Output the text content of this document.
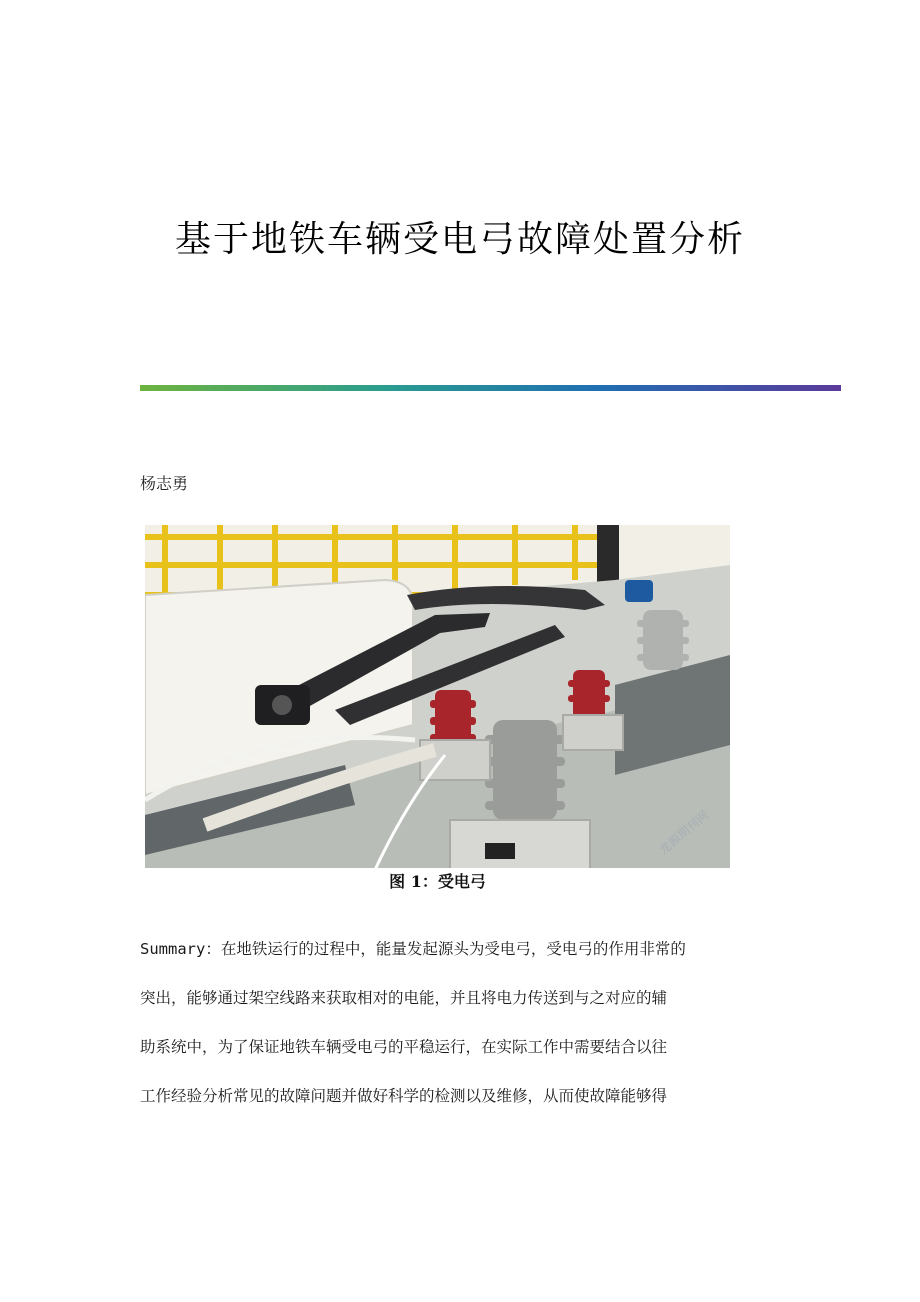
基于地铁车辆受电弓故障处置分析
杨志勇
图 1：受电弓
龙源期刊网
Summary：在地铁运行的过程中，能量发起源头为受电弓，受电弓的作用非常的
突出，能够通过架空线路来获取相对的电能，并且将电力传送到与之对应的辅
助系统中，为了保证地铁车辆受电弓的平稳运行，在实际工作中需要结合以往
工作经验分析常见的故障问题并做好科学的检测以及维修，从而使故障能够得
